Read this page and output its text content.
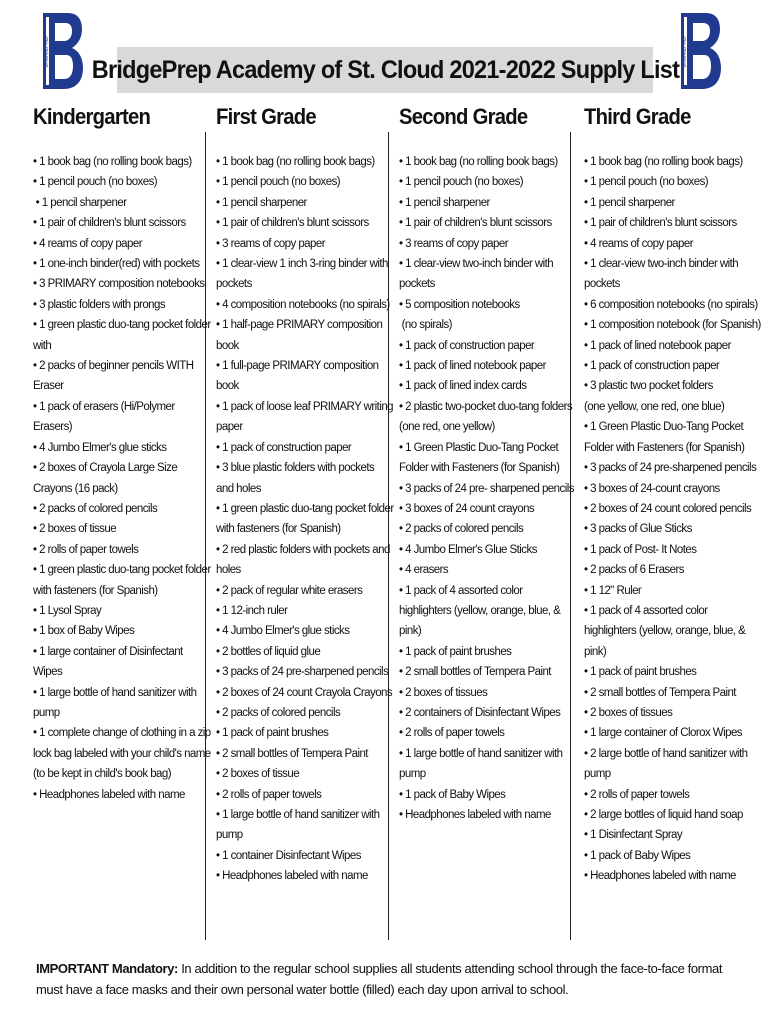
BRIDGEPREP	BRIDGEPREP
BridgePrep Academy of St. Cloud 2021-2022 Supply List
Kindergarten
• 1 book bag (no rolling book bags)
• 1 pencil pouch (no boxes)
• 1 pencil sharpener
• 1 pair of children's blunt scissors
• 4 reams of copy paper
• 1 one-inch binder(red) with pockets
• 3 PRIMARY composition notebooks
• 3 plastic folders with prongs
• 1 green plastic duo-tang pocket folder with
• 2 packs of beginner pencils WITH Eraser
• 1 pack of erasers (Hi/Polymer Erasers)
• 4 Jumbo Elmer's glue sticks
• 2 boxes of Crayola Large Size Crayons (16 pack)
• 2 packs of colored pencils
• 2 boxes of tissue
• 2 rolls of paper towels
• 1 green plastic duo-tang pocket folder with fasteners (for Spanish)
• 1 Lysol Spray
• 1 box of Baby Wipes
• 1 large container of Disinfectant Wipes
• 1 large bottle of hand sanitizer with pump
• 1 complete change of clothing in a zip lock bag labeled with your child's name (to be kept in child's book bag)
• Headphones labeled with name
First Grade
• 1 book bag (no rolling book bags)
• 1 pencil pouch (no boxes)
• 1 pencil sharpener
• 1 pair of children's blunt scissors
• 3 reams of copy paper
• 1 clear-view 1 inch 3-ring binder with pockets
• 4 composition notebooks (no spirals)
• 1 half-page PRIMARY composition book
• 1 full-page PRIMARY composition book
• 1 pack of loose leaf PRIMARY writing paper
• 1 pack of construction paper
• 3 blue plastic folders with pockets and holes
• 1 green plastic duo-tang pocket folder with fasteners (for Spanish)
• 2 red plastic folders with pockets and holes
• 2 pack of regular white erasers
• 1 12-inch ruler
• 4 Jumbo Elmer's glue sticks
• 2 bottles of liquid glue
• 3 packs of 24 pre-sharpened pencils
• 2 boxes of 24 count Crayola Crayons
• 2 packs of colored pencils
• 1 pack of paint brushes
• 2 small bottles of Tempera Paint
• 2 boxes of tissue
• 2 rolls of paper towels
• 1 large bottle of hand sanitizer with pump
• 1 container Disinfectant Wipes
• Headphones labeled with name
Second Grade
• 1 book bag (no rolling book bags)
• 1 pencil pouch (no boxes)
• 1 pencil sharpener
• 1 pair of children's blunt scissors
• 3 reams of copy paper
• 1 clear-view two-inch binder with pockets
• 5 composition notebooks
(no spirals)
• 1 pack of construction paper
• 1 pack of lined notebook paper
• 1 pack of lined index cards
• 2 plastic two-pocket duo-tang folders (one red, one yellow)
• 1 Green Plastic Duo-Tang Pocket Folder with Fasteners (for Spanish)
• 3 packs of 24 pre- sharpened pencils
• 3 boxes of 24 count crayons
• 2 packs of colored pencils
• 4 Jumbo Elmer's Glue Sticks
• 4 erasers
• 1 pack of 4 assorted color highlighters (yellow, orange, blue, & pink)
• 1 pack of paint brushes
• 2 small bottles of Tempera Paint
• 2 boxes of tissues
• 2 containers of Disinfectant Wipes
• 2 rolls of paper towels
• 1 large bottle of hand sanitizer with pump
• 1 pack of Baby Wipes
• Headphones labeled with name
Third Grade
• 1 book bag (no rolling book bags)
• 1 pencil pouch (no boxes)
• 1 pencil sharpener
• 1 pair of children's blunt scissors
• 4 reams of copy paper
• 1 clear-view two-inch binder with pockets
• 6 composition notebooks (no spirals)
• 1 composition notebook (for Spanish)
• 1 pack of lined notebook paper
• 1 pack of construction paper
• 3 plastic two pocket folders
(one yellow, one red, one blue)
• 1 Green Plastic Duo-Tang Pocket Folder with Fasteners (for Spanish)
• 3 packs of 24 pre-sharpened pencils
• 3 boxes of 24-count crayons
• 2 boxes of 24 count colored pencils
• 3 packs of Glue Sticks
• 1 pack of Post- It Notes
• 2 packs of 6 Erasers
• 1 12" Ruler
• 1 pack of 4 assorted color highlighters (yellow, orange, blue, & pink)
• 1 pack of paint brushes
• 2 small bottles of Tempera Paint
• 2 boxes of tissues
• 1 large container of Clorox Wipes
• 2 large bottle of hand sanitizer with pump
• 2 rolls of paper towels
• 2 large bottles of liquid hand soap
• 1 Disinfectant Spray
• 1 pack of Baby Wipes
• Headphones labeled with name
IMPORTANT Mandatory: In addition to the regular school supplies all students attending school through the face-to-face format must have a face masks and their own personal water bottle (filled) each day upon arrival to school.
